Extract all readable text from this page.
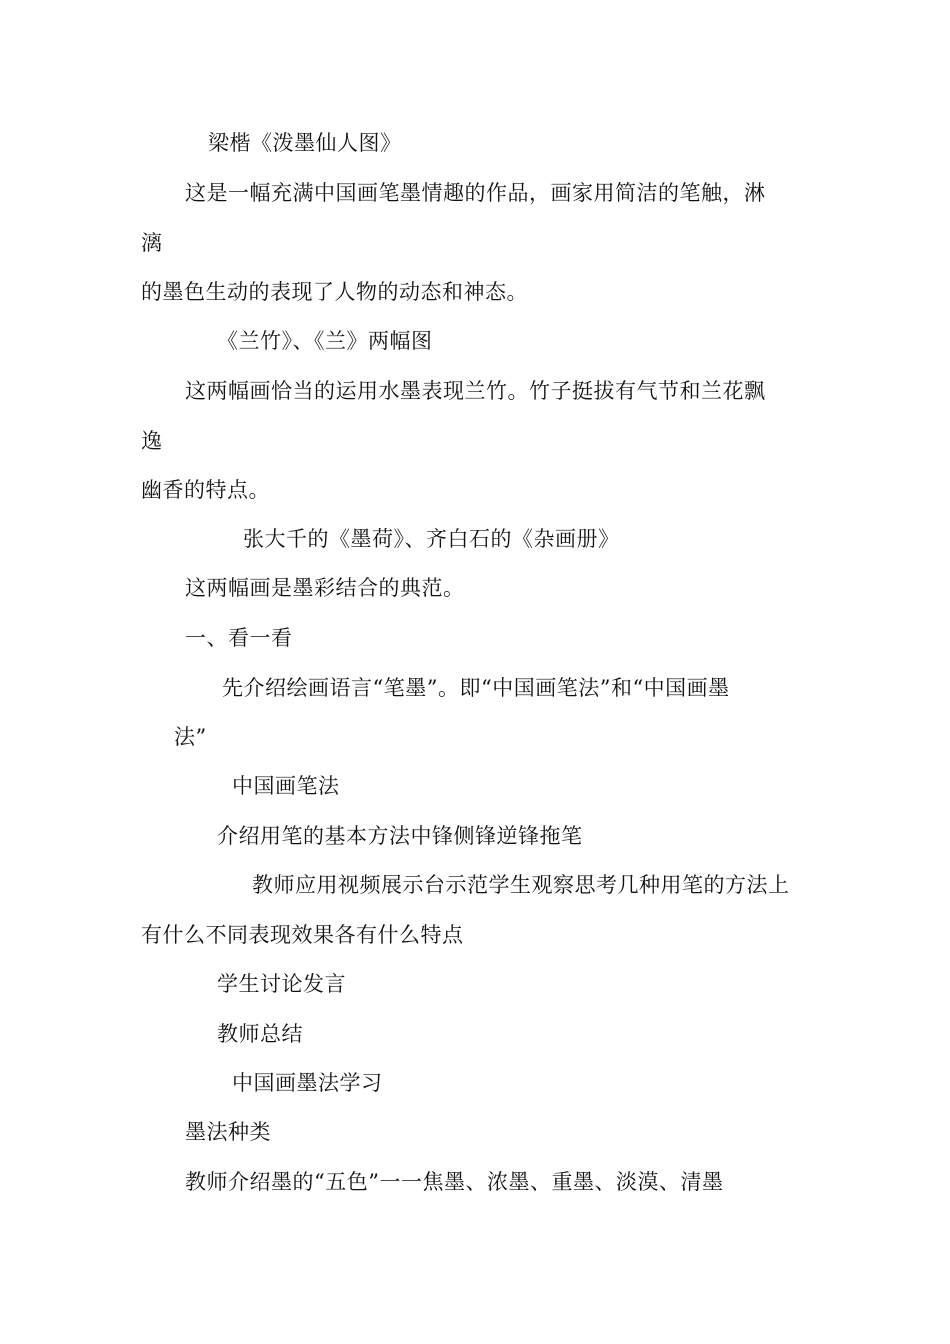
梁楷《泼墨仙人图》
这是一幅充满中国画笔墨情趣的作品，画家用简洁的笔触，淋
漓
的墨色生动的表现了人物的动态和神态。
《兰竹》、《兰》两幅图
这两幅画恰当的运用水墨表现兰竹。竹子挺拔有气节和兰花飘
逸
幽香的特点。
张大千的《墨荷》、齐白石的《杂画册》
这两幅画是墨彩结合的典范。
一、看一看
先介绍绘画语言“笔墨”。即“中国画笔法”和“中国画墨
法”
中国画笔法
介绍用笔的基本方法中锋侧锋逆锋拖笔
教师应用视频展示台示范学生观察思考几种用笔的方法上
有什么不同表现效果各有什么特点
学生讨论发言
教师总结
中国画墨法学习
墨法种类
教师介绍墨的“五色”一一焦墨、浓墨、重墨、淡漠、清墨
